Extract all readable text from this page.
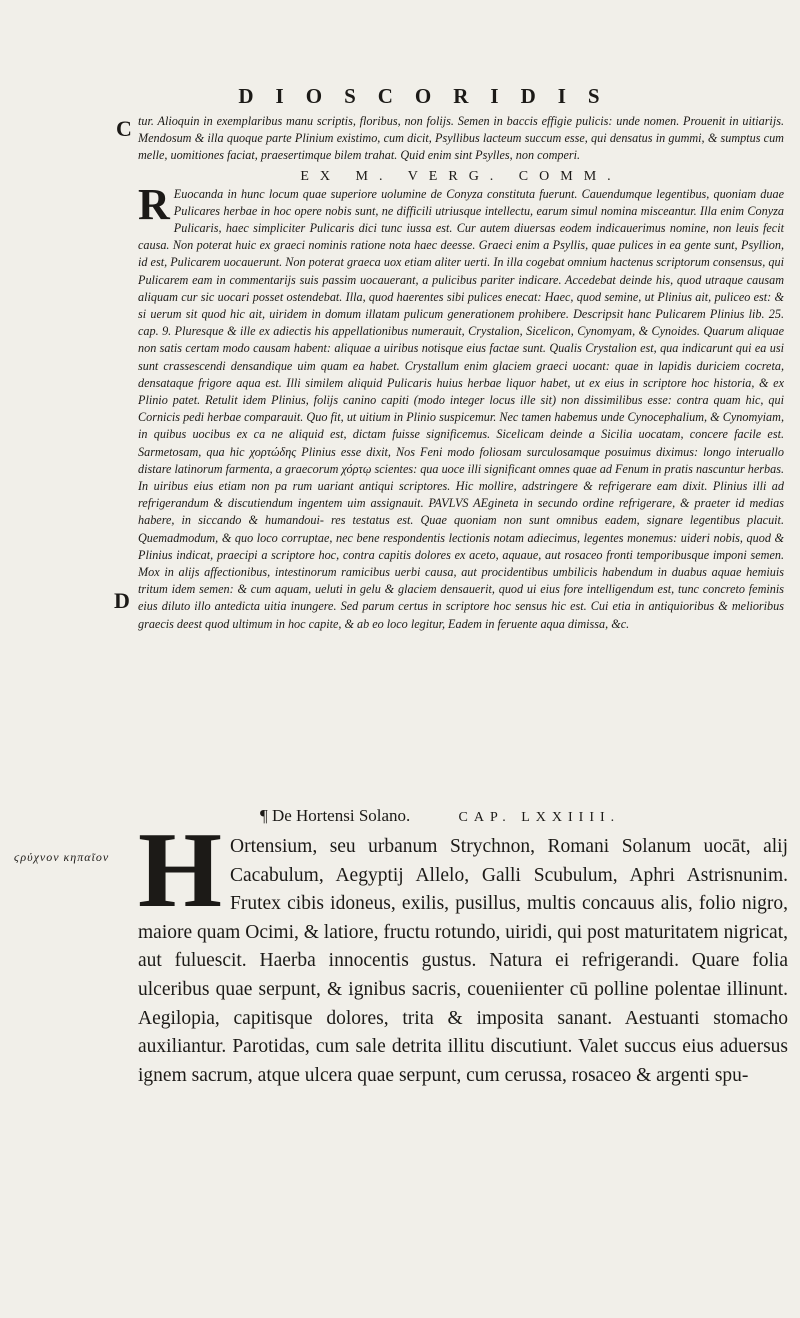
DIOSCORIDIS
C
D
ϛρύχνον κηπαῖον

tur. Alioquin in exemplaribus manu scriptis, floribus, non folijs. Semen in baccis effigie pulicis: unde nomen. Prouenit in uitiarijs. Mendosum & illa quoque parte Plinium existimo, cum dicit, Psyllibus lacteum succum esse, qui densatus in gummi, & sumptus cum melle, uomitiones faciat, praesertimque bilem trahat. Quid enim sint Psylles, non comperi.

EX M. VERG. COMM.

R Euocanda in hunc locum quae superiore uolumine de Conyza constituta fuerunt. Cauendumque legentibus, quoniam duae Pulicares herbae in hoc opere nobis sunt, ne difficili utriusque intellectu, earum simul nomina misceantur. Illa enim Conyza Pulicaris, haec simpliciter Pulicaris dici tunc iussa est. Cur autem diuersas eodem indicauerimus nomine, non leuis fecit causa. Non poterat huic ex graeci nominis ratione nota haec deesse. Graeci enim a Psyllis, quae pulices in ea gente sunt, Psyllion, id est, Pulicarem uocauerunt. Non poterat graeca uox etiam aliter uerti. In illa cogebat omnium hactenus scriptorum consensus, qui Pulicarem eam in commentarijs suis passim uocauerant, a pulicibus pariter indicare. Accedebat deinde his, quod utraque causam aliquam cur sic uocari posset ostendebat. Illa, quod haerentes sibi pulices enecat: Haec, quod semine, ut Plinius ait, puliceo est: & si uerum sit quod hic ait, uiridem in domum illatam pulicum generationem prohibere. Descripsit hanc Pulicarem Plinius lib. 25. cap. 9. Pluresque & ille ex adiectis his appellationibus numerauit, Crystalion, Sicelicon, Cynomyam, & Cynoides. Quarum aliquae non satis certam modo causam habent: aliquae a uiribus notisque eius factae sunt. Qualis Crystalion est, qua indicarunt qui ea usi sunt crassescendi densandique uim quam ea habet. Crystallum enim glaciem graeci uocant: quae in lapidis duriciem cocreta, densataque frigore aqua est. Illi similem aliquid Pulicaris huius herbae liquor habet, ut ex eius in scriptore hoc historia, & ex Plinio patet. Retulit idem Plinius, folijs canino capiti (modo integer locus ille sit) non dissimilibus esse: contra quam hic, qui Cornicis pedi herbae comparauit. Quo fit, ut uitium in Plinio suspicemur. Nec tamen habemus unde Cynocephalium, & Cynomyiam, in quibus uocibus ex ca ne aliquid est, dictam fuisse significemus. Sicelicam deinde a Sicilia uocatam, concere facile est. Sarmetosam, qua hic χορτώδης Plinius esse dixit, Nos Feni modo foliosam surculosamque posuimus diximus: longo interuallo distare latinorum farmenta, a graecorum χόρτῳ scientes: qua uoce illi significant omnes quae ad Fenum in pratis nascuntur herbas. In uiribus eius etiam non pa rum uariant antiqui scriptores. Hic mollire, adstringere & refrigerare eam dixit. Plinius illi ad refrigerandum & discutiendum ingentem uim assignauit. PAVLVS AEgineta in secundo ordine refrigerare, & praeter id medias habere, in siccando & humandoui- res testatus est. Quae quoniam non sunt omnibus eadem, signare legentibus placuit. Quemadmodum, & quo loco corruptae, nec bene respondentis lectionis notam adiecimus, legentes monemus: uideri nobis, quod & Plinius indicat, praecipi a scriptore hoc, contra capitis dolores ex aceto, aquaue, aut rosaceo fronti temporibusque imponi semen. Mox in alijs affectionibus, intestinorum ramicibus uerbi causa, aut procidentibus umbilicis habendum in duabus aquae hemiuis tritum idem semen: & cum aquam, ueluti in gelu & glaciem densauerit, quod ui eius fore intelligendum est, tunc concreto feminis eius diluto illo antedicta uitia inungere. Sed parum certus in scriptore hoc sensus hic est. Cui etia in antiquioribus & melioribus graecis deest quod ultimum in hoc capite, & ab eo loco legitur, Eadem in feruente aqua dimissa, &c.

¶ De Hortensi Solano.	CAP. LXXIIII.
H Ortensium, seu urbanum Strychnon, Romani Solanum uocāt, alij Cacabulum, Aegyptij Allelo, Galli Scubulum, Aphri Astrisnunim. Frutex cibis idoneus, exilis, pusillus, multis concauus alis, folio nigro, maiore quam Ocimi, & latiore, fructu rotundo, uiridi, qui post maturitatem nigricat, aut fuluescit. Haerba innocentis gustus. Natura ei refrigerandi. Quare folia ulceribus quae serpunt, & ignibus sacris, coueniienter cū polline polentae illinunt. Aegilopia, capitisque dolores, trita & imposita sanant. Aestuanti stomacho auxiliantur. Parotidas, cum sale detrita illitu discutiunt. Valet succus eius aduersus ignem sacrum, atque ulcera quae serpunt, cum cerussa, rosaceo & argenti spu-
